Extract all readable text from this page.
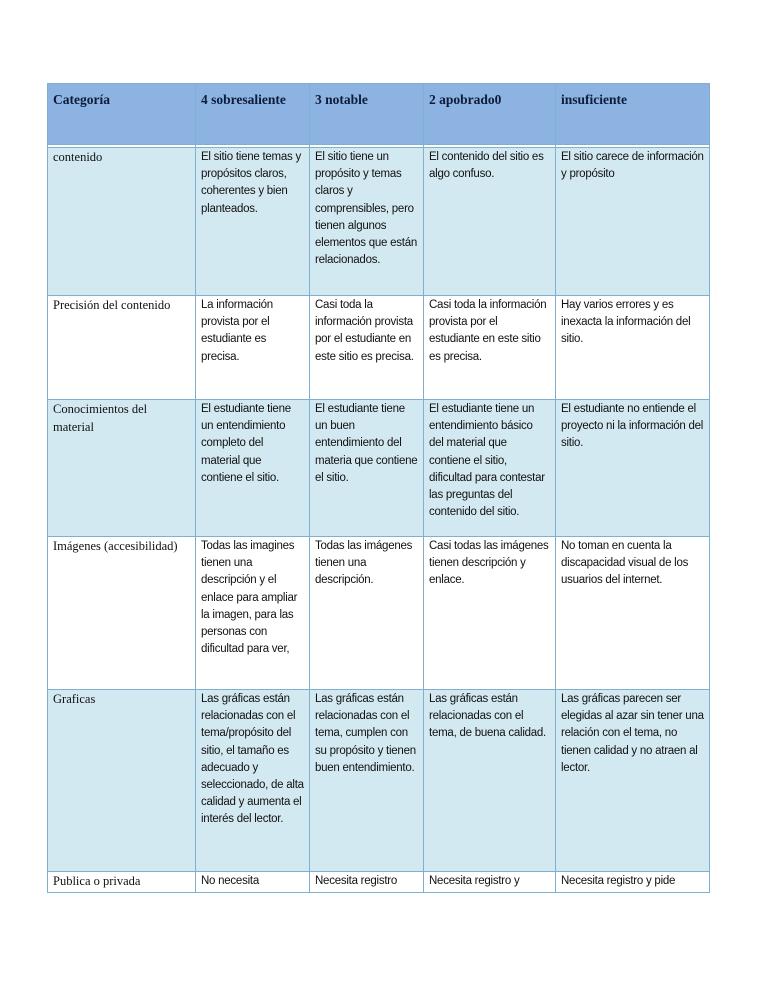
Categoría	4 sobresaliente	3 notable	2 apobrado0	insuficiente

contenido	El sitio tiene temas y propósitos claros, coherentes y bien planteados.	El sitio tiene un propósito y temas claros y comprensibles, pero tienen algunos elementos que están relacionados.	El contenido del sitio es algo confuso.	El sitio carece de información y propósito
Precisión del contenido	La información provista por el estudiante es precisa.	Casi toda la información provista por el estudiante en este sitio es precisa.	Casi toda la información provista por el estudiante en este sitio es precisa.	Hay varios errores y es inexacta la información del sitio.
Conocimientos del material	El estudiante tiene un entendimiento completo del material que contiene el sitio.	El estudiante tiene un buen entendimiento del materia que contiene el sitio.	El estudiante tiene un entendimiento básico del material que contiene el sitio, dificultad para contestar las preguntas del contenido del sitio.	El estudiante no entiende el proyecto ni la información del sitio.
Imágenes (accesibilidad)	Todas las imagines tienen una descripción y el enlace para ampliar la imagen, para las personas con dificultad para ver,	Todas las imágenes tienen una descripción.	Casi todas las imágenes tienen descripción y enlace.	No toman en cuenta la discapacidad visual de los usuarios del internet.
Graficas	Las gráficas están relacionadas con el tema/propósito del sitio, el tamaño es adecuado y seleccionado, de alta calidad y aumenta el interés del lector.	Las gráficas están relacionadas con el tema, cumplen con su propósito y tienen buen entendimiento.	Las gráficas están relacionadas con el tema, de buena calidad.	Las gráficas parecen ser elegidas al azar sin tener una relación con el tema, no tienen calidad y no atraen al lector.
Publica o privada	No necesita	Necesita registro	Necesita registro y	Necesita registro y pide
